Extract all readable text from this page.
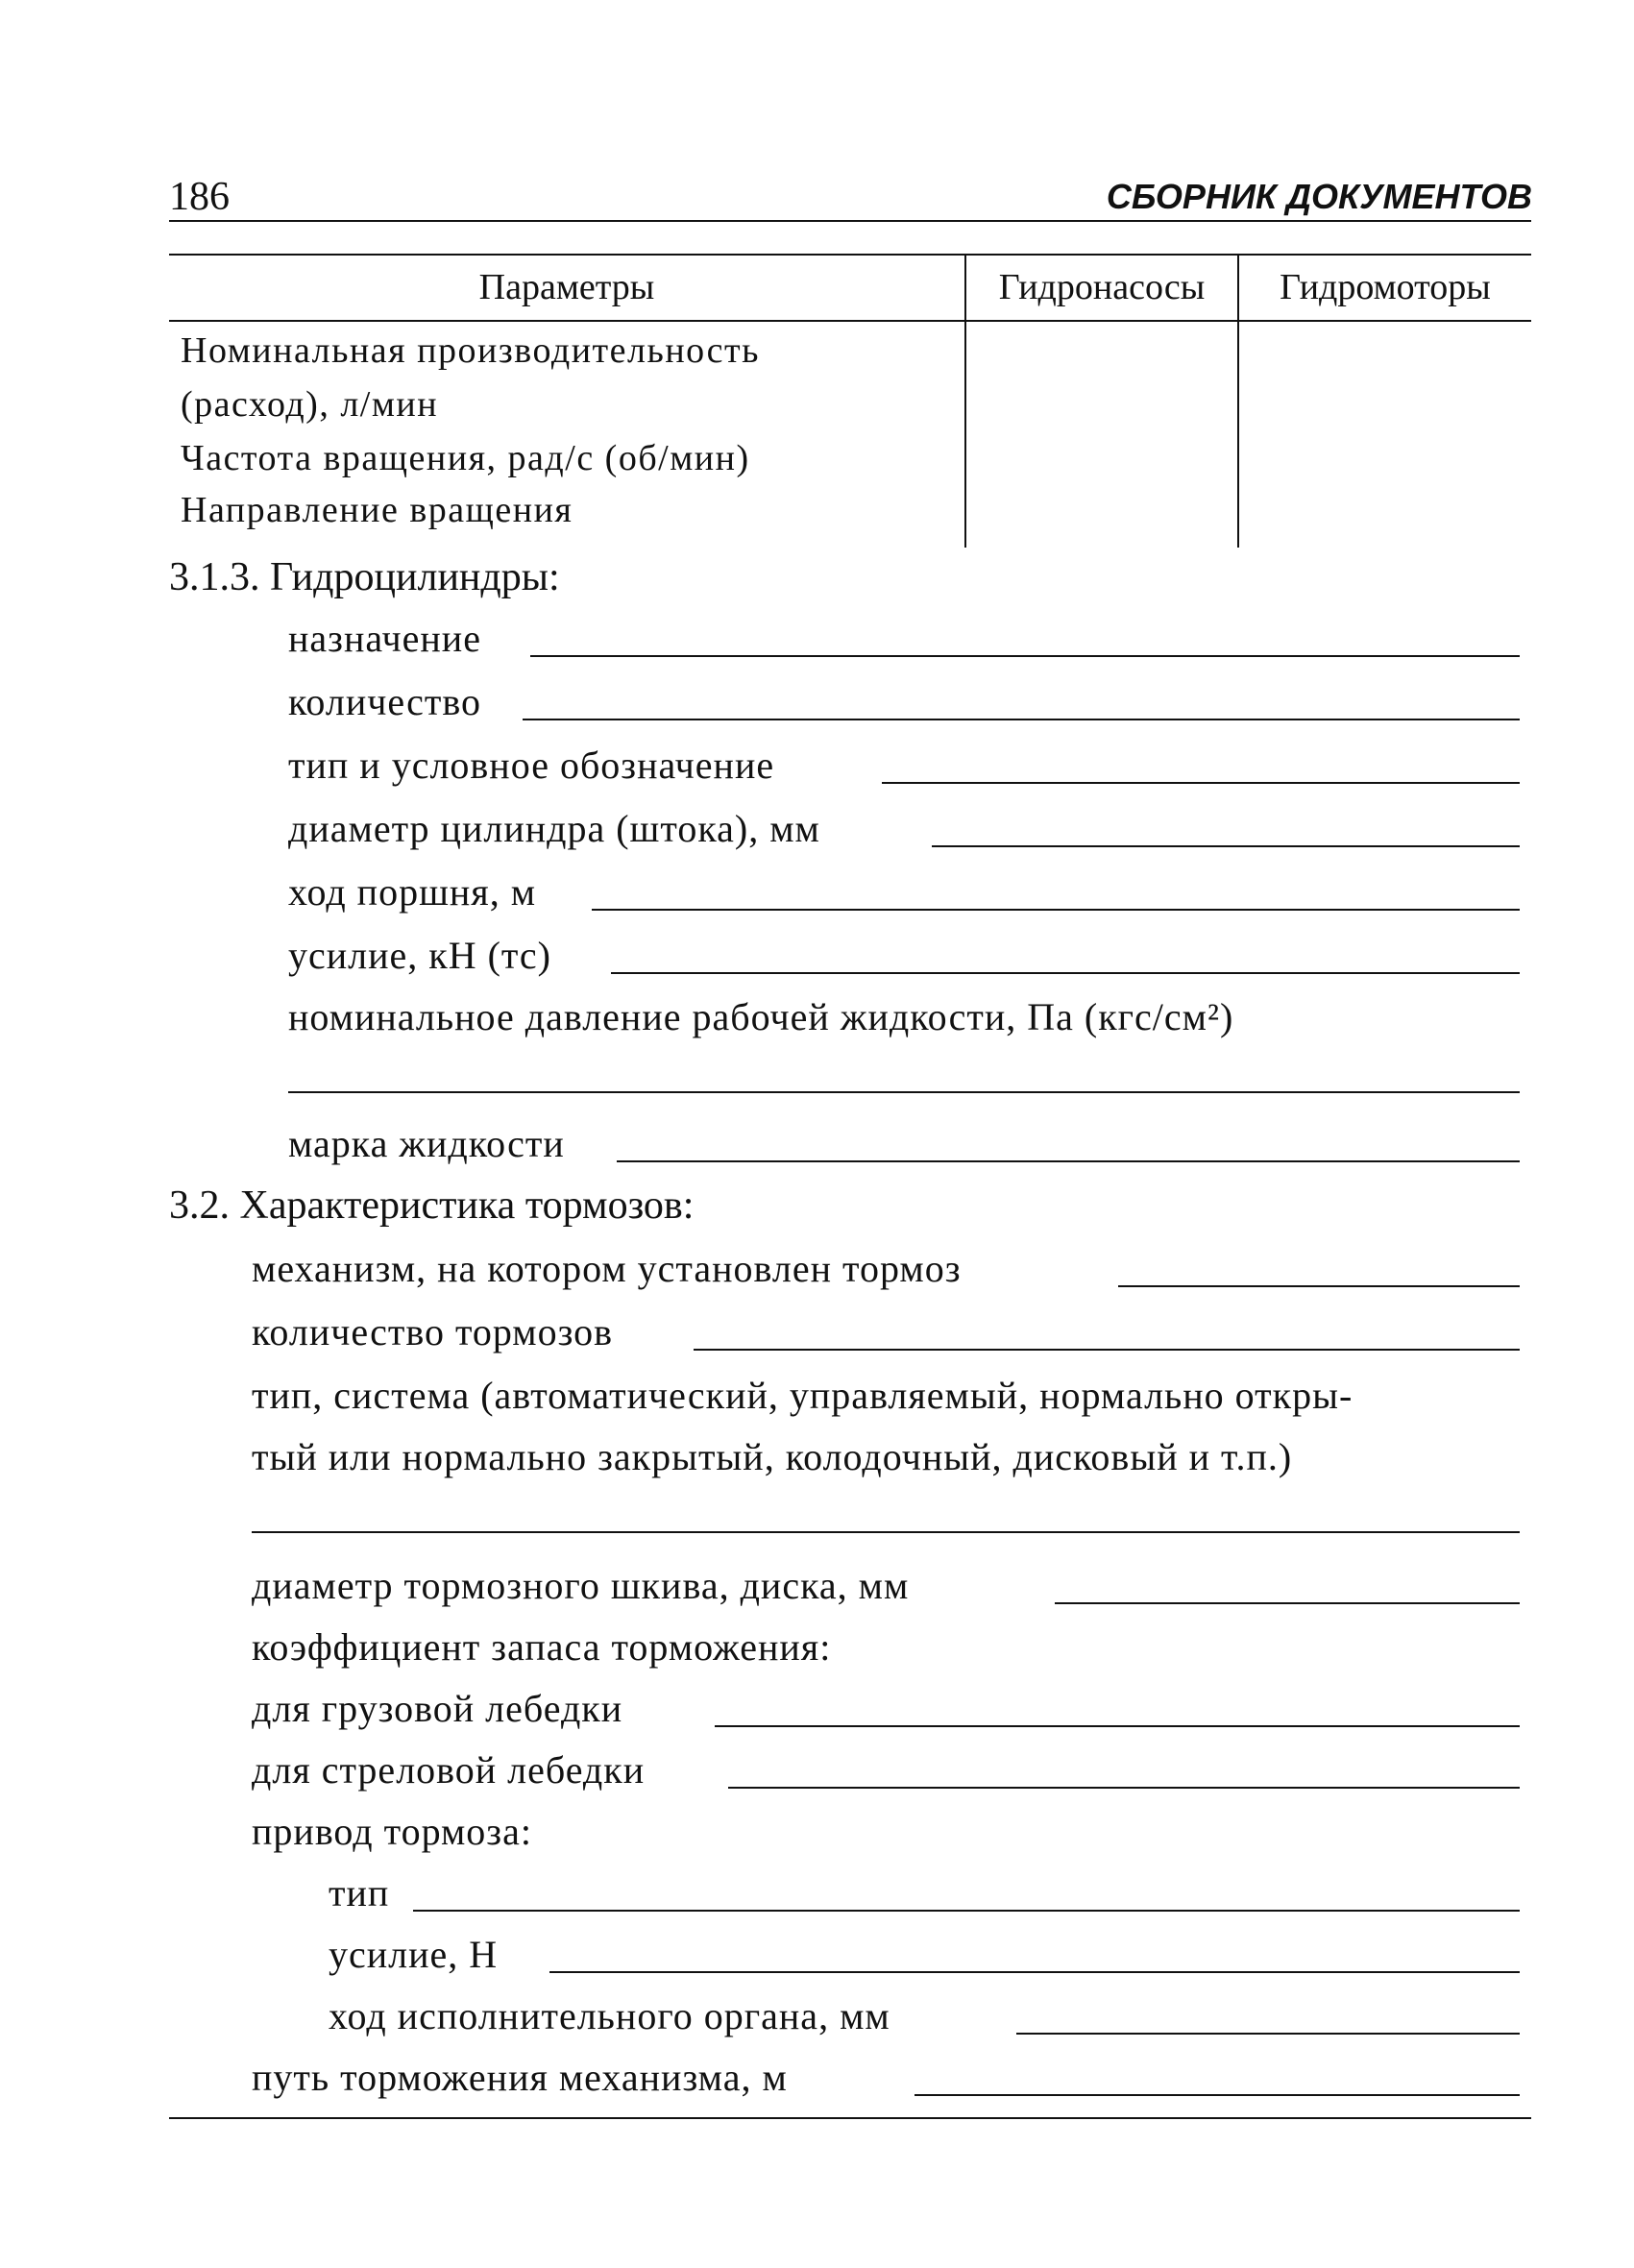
186	СБОРНИК ДОКУМЕНТОВ
Параметры	Гидронасосы	Гидромоторы
Номинальная производительность
(расход), л/мин
Частота вращения, рад/с (об/мин)
Направление вращения
3.1.3. Гидроцилиндры:
назначение
количество
тип и условное обозначение
диаметр цилиндра (штока), мм
ход поршня, м
усилие, кН (тс)
номинальное давление рабочей жидкости, Па (кгс/см²)
марка жидкости
3.2. Характеристика тормозов:
механизм, на котором установлен тормоз
количество тормозов
тип, система (автоматический, управляемый, нормально откры-
тый или нормально закрытый, колодочный, дисковый и т.п.)
диаметр тормозного шкива, диска, мм
коэффициент запаса торможения:
для грузовой лебедки
для стреловой лебедки
привод тормоза:
тип
усилие, Н
ход исполнительного органа, мм
путь торможения механизма, м
